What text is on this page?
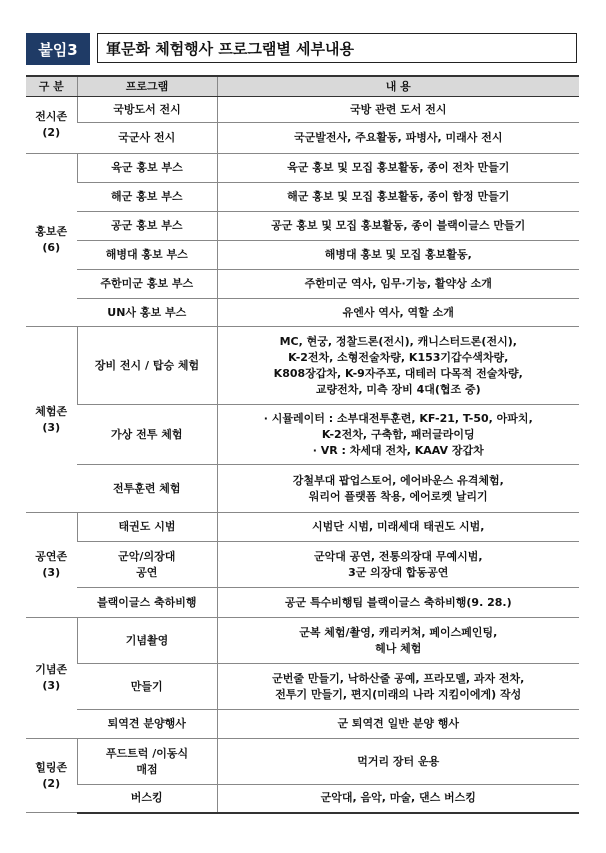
붙임3	軍문화 체험행사 프로그램별 세부내용
구 분	프로그램	내 용

전시존
(2)	국방도서 전시	국방 관련 도서 전시

	국군사 전시	국군발전사, 주요활동, 파병사, 미래사 전시

홍보존
(6)	육군 홍보 부스	육군 홍보 및 모집 홍보활동, 종이 전차 만들기

	해군 홍보 부스	해군 홍보 및 모집 홍보활동, 종이 함정 만들기

	공군 홍보 부스	공군 홍보 및 모집 홍보활동, 종이 블랙이글스 만들기

	해병대 홍보 부스	해병대 홍보 및 모집 홍보활동,

	주한미군 홍보 부스	주한미군 역사, 임무·기능, 활약상 소개

	UN사 홍보 부스	유엔사 역사, 역할 소개

체험존
(3)	장비 전시 / 탑승 체험	MC, 현궁, 정찰드론(전시), 캐니스터드론(전시),
K-2전차, 소형전술차량, K153기갑수색차량,
K808장갑차, K-9자주포, 대테러 다목적 전술차량,
교량전차, 미측 장비 4대(협조 중)

	가상 전투 체험	· 시뮬레이터 : 소부대전투훈련, KF-21, T-50, 아파치,
K-2전차, 구축함, 패러글라이딩
· VR : 차세대 전차, KAAV 장갑차

	전투훈련 체험	강철부대 팝업스토어, 에어바운스 유격체험,
워리어 플랫폼 착용, 에어로켓 날리기

공연존
(3)	태권도 시범	시범단 시범, 미래세대 태권도 시범,

	군악/의장대
공연	군악대 공연, 전통의장대 무예시범,
3군 의장대 합동공연

	블랙이글스 축하비행	공군 특수비행팀 블랙이글스 축하비행(9. 28.)

기념존
(3)	기념촬영	군복 체험/촬영, 캐리커쳐, 페이스페인팅,
헤나 체험

	만들기	군번줄 만들기, 낙하산줄 공예, 프라모델, 과자 전차,
전투기 만들기, 편지(미래의 나라 지킴이에게) 작성

	퇴역견 분양행사	군 퇴역견 일반 분양 행사

힐링존
(2)	푸드트럭 /이동식
매점	먹거리 장터 운용

	버스킹	군악대, 음악, 마술, 댄스 버스킹
